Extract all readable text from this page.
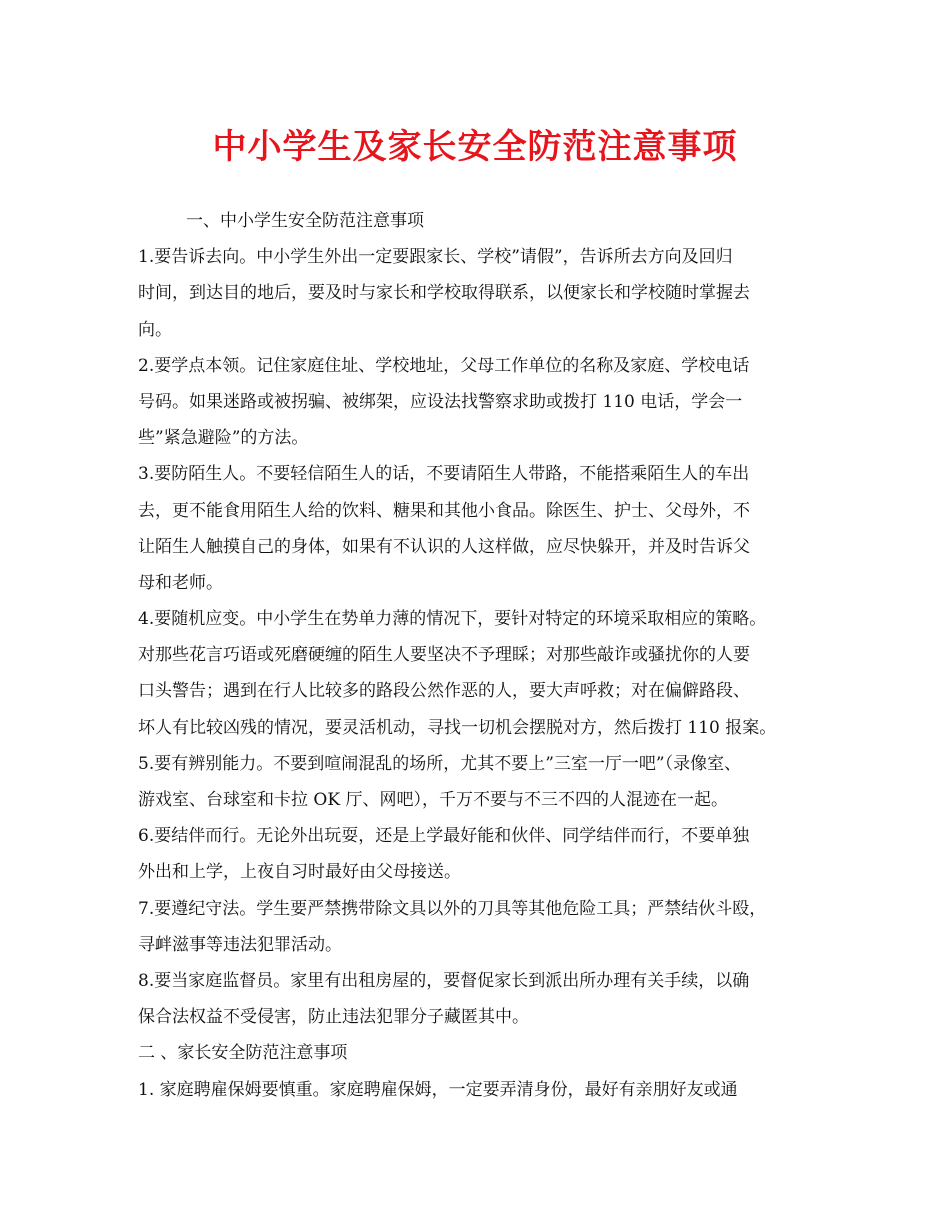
中小学生及家长安全防范注意事项
一、中小学生安全防范注意事项
1.要告诉去向。中小学生外出一定要跟家长、学校”请假”，告诉所去方向及回归
时间，到达目的地后，要及时与家长和学校取得联系，以便家长和学校随时掌握去
向。
2.要学点本领。记住家庭住址、学校地址，父母工作单位的名称及家庭、学校电话
号码。如果迷路或被拐骗、被绑架，应设法找警察求助或拨打 110 电话，学会一
些”紧急避险”的方法。
3.要防陌生人。不要轻信陌生人的话，不要请陌生人带路，不能搭乘陌生人的车出
去，更不能食用陌生人给的饮料、糖果和其他小食品。除医生、护士、父母外，不
让陌生人触摸自己的身体，如果有不认识的人这样做，应尽快躲开，并及时告诉父
母和老师。
4.要随机应变。中小学生在势单力薄的情况下，要针对特定的环境采取相应的策略。
对那些花言巧语或死磨硬缠的陌生人要坚决不予理睬；对那些敲诈或骚扰你的人要
口头警告；遇到在行人比较多的路段公然作恶的人，要大声呼救；对在偏僻路段、
坏人有比较凶残的情况，要灵活机动，寻找一切机会摆脱对方，然后拨打 110 报案。
5.要有辨别能力。不要到喧闹混乱的场所，尤其不要上”三室一厅一吧”（录像室、
游戏室、台球室和卡拉 OK 厅、网吧），千万不要与不三不四的人混迹在一起。
6.要结伴而行。无论外出玩耍，还是上学最好能和伙伴、同学结伴而行，不要单独
外出和上学，上夜自习时最好由父母接送。
7.要遵纪守法。学生要严禁携带除文具以外的刀具等其他危险工具；严禁结伙斗殴，
寻衅滋事等违法犯罪活动。
8.要当家庭监督员。家里有出租房屋的，要督促家长到派出所办理有关手续，以确
保合法权益不受侵害，防止违法犯罪分子藏匿其中。
二 、家长安全防范注意事项
1. 家庭聘雇保姆要慎重。家庭聘雇保姆，一定要弄清身份，最好有亲朋好友或通
